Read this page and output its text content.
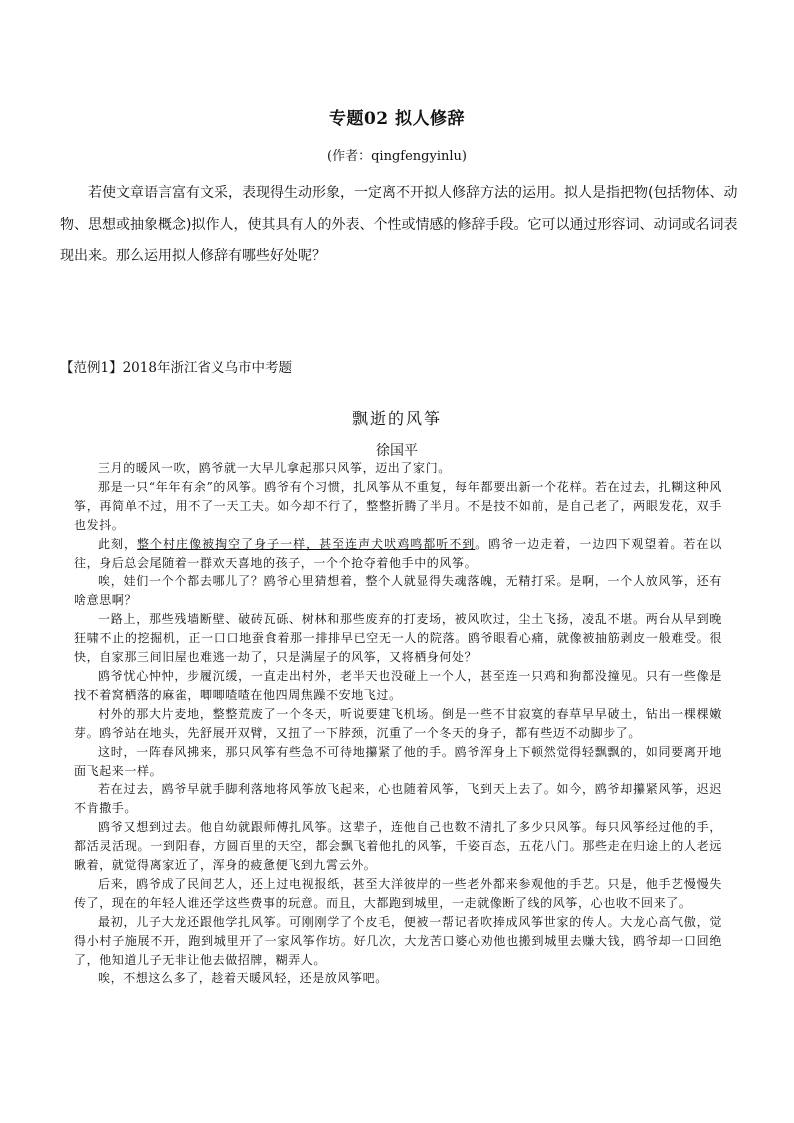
专题02 拟人修辞
(作者：qingfengyinlu)

若使文章语言富有文采，表现得生动形象，一定离不开拟人修辞方法的运用。拟人是指把物(包括物体、动物、思想或抽象概念)拟作人，使其具有人的外表、个性或情感的修辞手段。它可以通过形容词、动词或名词表现出来。那么运用拟人修辞有哪些好处呢？

【范例1】2018年浙江省义乌市中考题
飘逝的风筝
徐国平

三月的暖风一吹，鸥爷就一大早儿拿起那只风筝，迈出了家门。

那是一只“年年有余”的风筝。鸥爷有个习惯，扎风筝从不重复，每年都要出新一个花样。若在过去，扎糊这种风筝，再简单不过，用不了一天工夫。如今却不行了，整整折腾了半月。不是技不如前，是自己老了，两眼发花，双手也发抖。

此刻，整个村庄像被掏空了身子一样，甚至连声犬吠鸡鸣都听不到。鸥爷一边走着，一边四下观望着。若在以往，身后总会尾随着一群欢天喜地的孩子，一个个抢夺着他手中的风筝。

唉，娃们一个个都去哪儿了？鸥爷心里猜想着，整个人就显得失魂落魄，无精打采。是啊，一个人放风筝，还有啥意思啊？

一路上，那些残墙断壁、破砖瓦砾、树林和那些废弃的打麦场，被风吹过，尘土飞扬，凌乱不堪。两台从早到晚狂啸不止的挖掘机，正一口口地蚕食着那一排排早已空无一人的院落。鸥爷眼看心痛，就像被抽筋剥皮一般难受。很快，自家那三间旧屋也难逃一劫了，只是满屋子的风筝，又将栖身何处？

鸥爷忧心忡忡，步履沉缓，一直走出村外，老半天也没碰上一个人，甚至连一只鸡和狗都没撞见。只有一些像是找不着窝栖落的麻雀，唧唧喳喳在他四周焦躁不安地飞过。

村外的那大片麦地，整整荒废了一个冬天，听说要建飞机场。倒是一些不甘寂寞的春草早早破土，钻出一棵棵嫩芽。鸥爷站在地头，先舒展开双臂，又扭了一下脖颈，沉重了一个冬天的身子，都有些迈不动脚步了。

这时，一阵春风拂来，那只风筝有些急不可待地攥紧了他的手。鸥爷浑身上下顿然觉得轻飘飘的，如同要离开地面飞起来一样。

若在过去，鸥爷早就手脚利落地将风筝放飞起来，心也随着风筝，飞到天上去了。如今，鸥爷却攥紧风筝，迟迟不肯撒手。

鸥爷又想到过去。他自幼就跟师傅扎风筝。这辈子，连他自己也数不清扎了多少只风筝。每只风筝经过他的手，都活灵活现。一到阳春，方圆百里的天空，都会飘飞着他扎的风筝，千姿百态，五花八门。那些走在归途上的人老远瞅着，就觉得离家近了，浑身的疲惫便飞到九霄云外。

后来，鸥爷成了民间艺人，还上过电视报纸，甚至大洋彼岸的一些老外都来参观他的手艺。只是，他手艺慢慢失传了，现在的年轻人谁还学这些费事的玩意。而且，大都跑到城里，一走就像断了线的风筝，心也收不回来了。

最初，儿子大龙还跟他学扎风筝。可刚刚学了个皮毛，便被一帮记者吹捧成风筝世家的传人。大龙心高气傲，觉得小村子施展不开，跑到城里开了一家风筝作坊。好几次，大龙苦口婆心劝他也搬到城里去赚大钱，鸥爷却一口回绝了，他知道儿子无非让他去做招牌，糊弄人。

唉，不想这么多了，趁着天暖风轻，还是放风筝吧。
